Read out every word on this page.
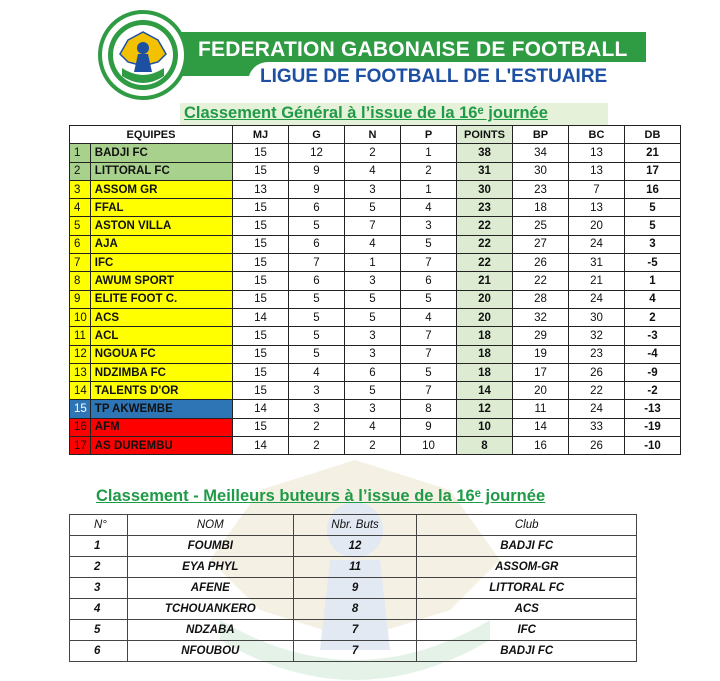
FEDERATION GABONAISE DE FOOTBALL
LIGUE DE FOOTBALL DE L'ESTUAIRE
Classement Général à l’issue de la 16ᵉ journée
EQUIPES		MJ	G	N	P	POINTS	BP	BC	DB
1	BADJI FC	15	12	2	1	38	34	13	21
2	LITTORAL FC	15	9	4	2	31	30	13	17
3	ASSOM GR	13	9	3	1	30	23	7	16
4	FFAL	15	6	5	4	23	18	13	5
5	ASTON VILLA	15	5	7	3	22	25	20	5
6	AJA	15	6	4	5	22	27	24	3
7	IFC	15	7	1	7	22	26	31	-5
8	AWUM SPORT	15	6	3	6	21	22	21	1
9	ELITE FOOT C.	15	5	5	5	20	28	24	4
10	ACS	14	5	5	4	20	32	30	2
11	ACL	15	5	3	7	18	29	32	-3
12	NGOUA FC	15	5	3	7	18	19	23	-4
13	NDZIMBA FC	15	4	6	5	18	17	26	-9
14	TALENTS D'OR	15	3	5	7	14	20	22	-2
15	TP AKWEMBE	14	3	3	8	12	11	24	-13
16	AFM	15	2	4	9	10	14	33	-19
17	AS DUREMBU	14	2	2	10	8	16	26	-10
Classement - Meilleurs buteurs à l’issue de la 16ᵉ journée
N°	NOM	Nbr. Buts	Club
1	FOUMBI	12	BADJI FC
2	EYA PHYL	11	ASSOM-GR
3	AFENE	9	LITTORAL FC
4	TCHOUANKERO	8	ACS
5	NDZABA	7	IFC
6	NFOUBOU	7	BADJI FC
